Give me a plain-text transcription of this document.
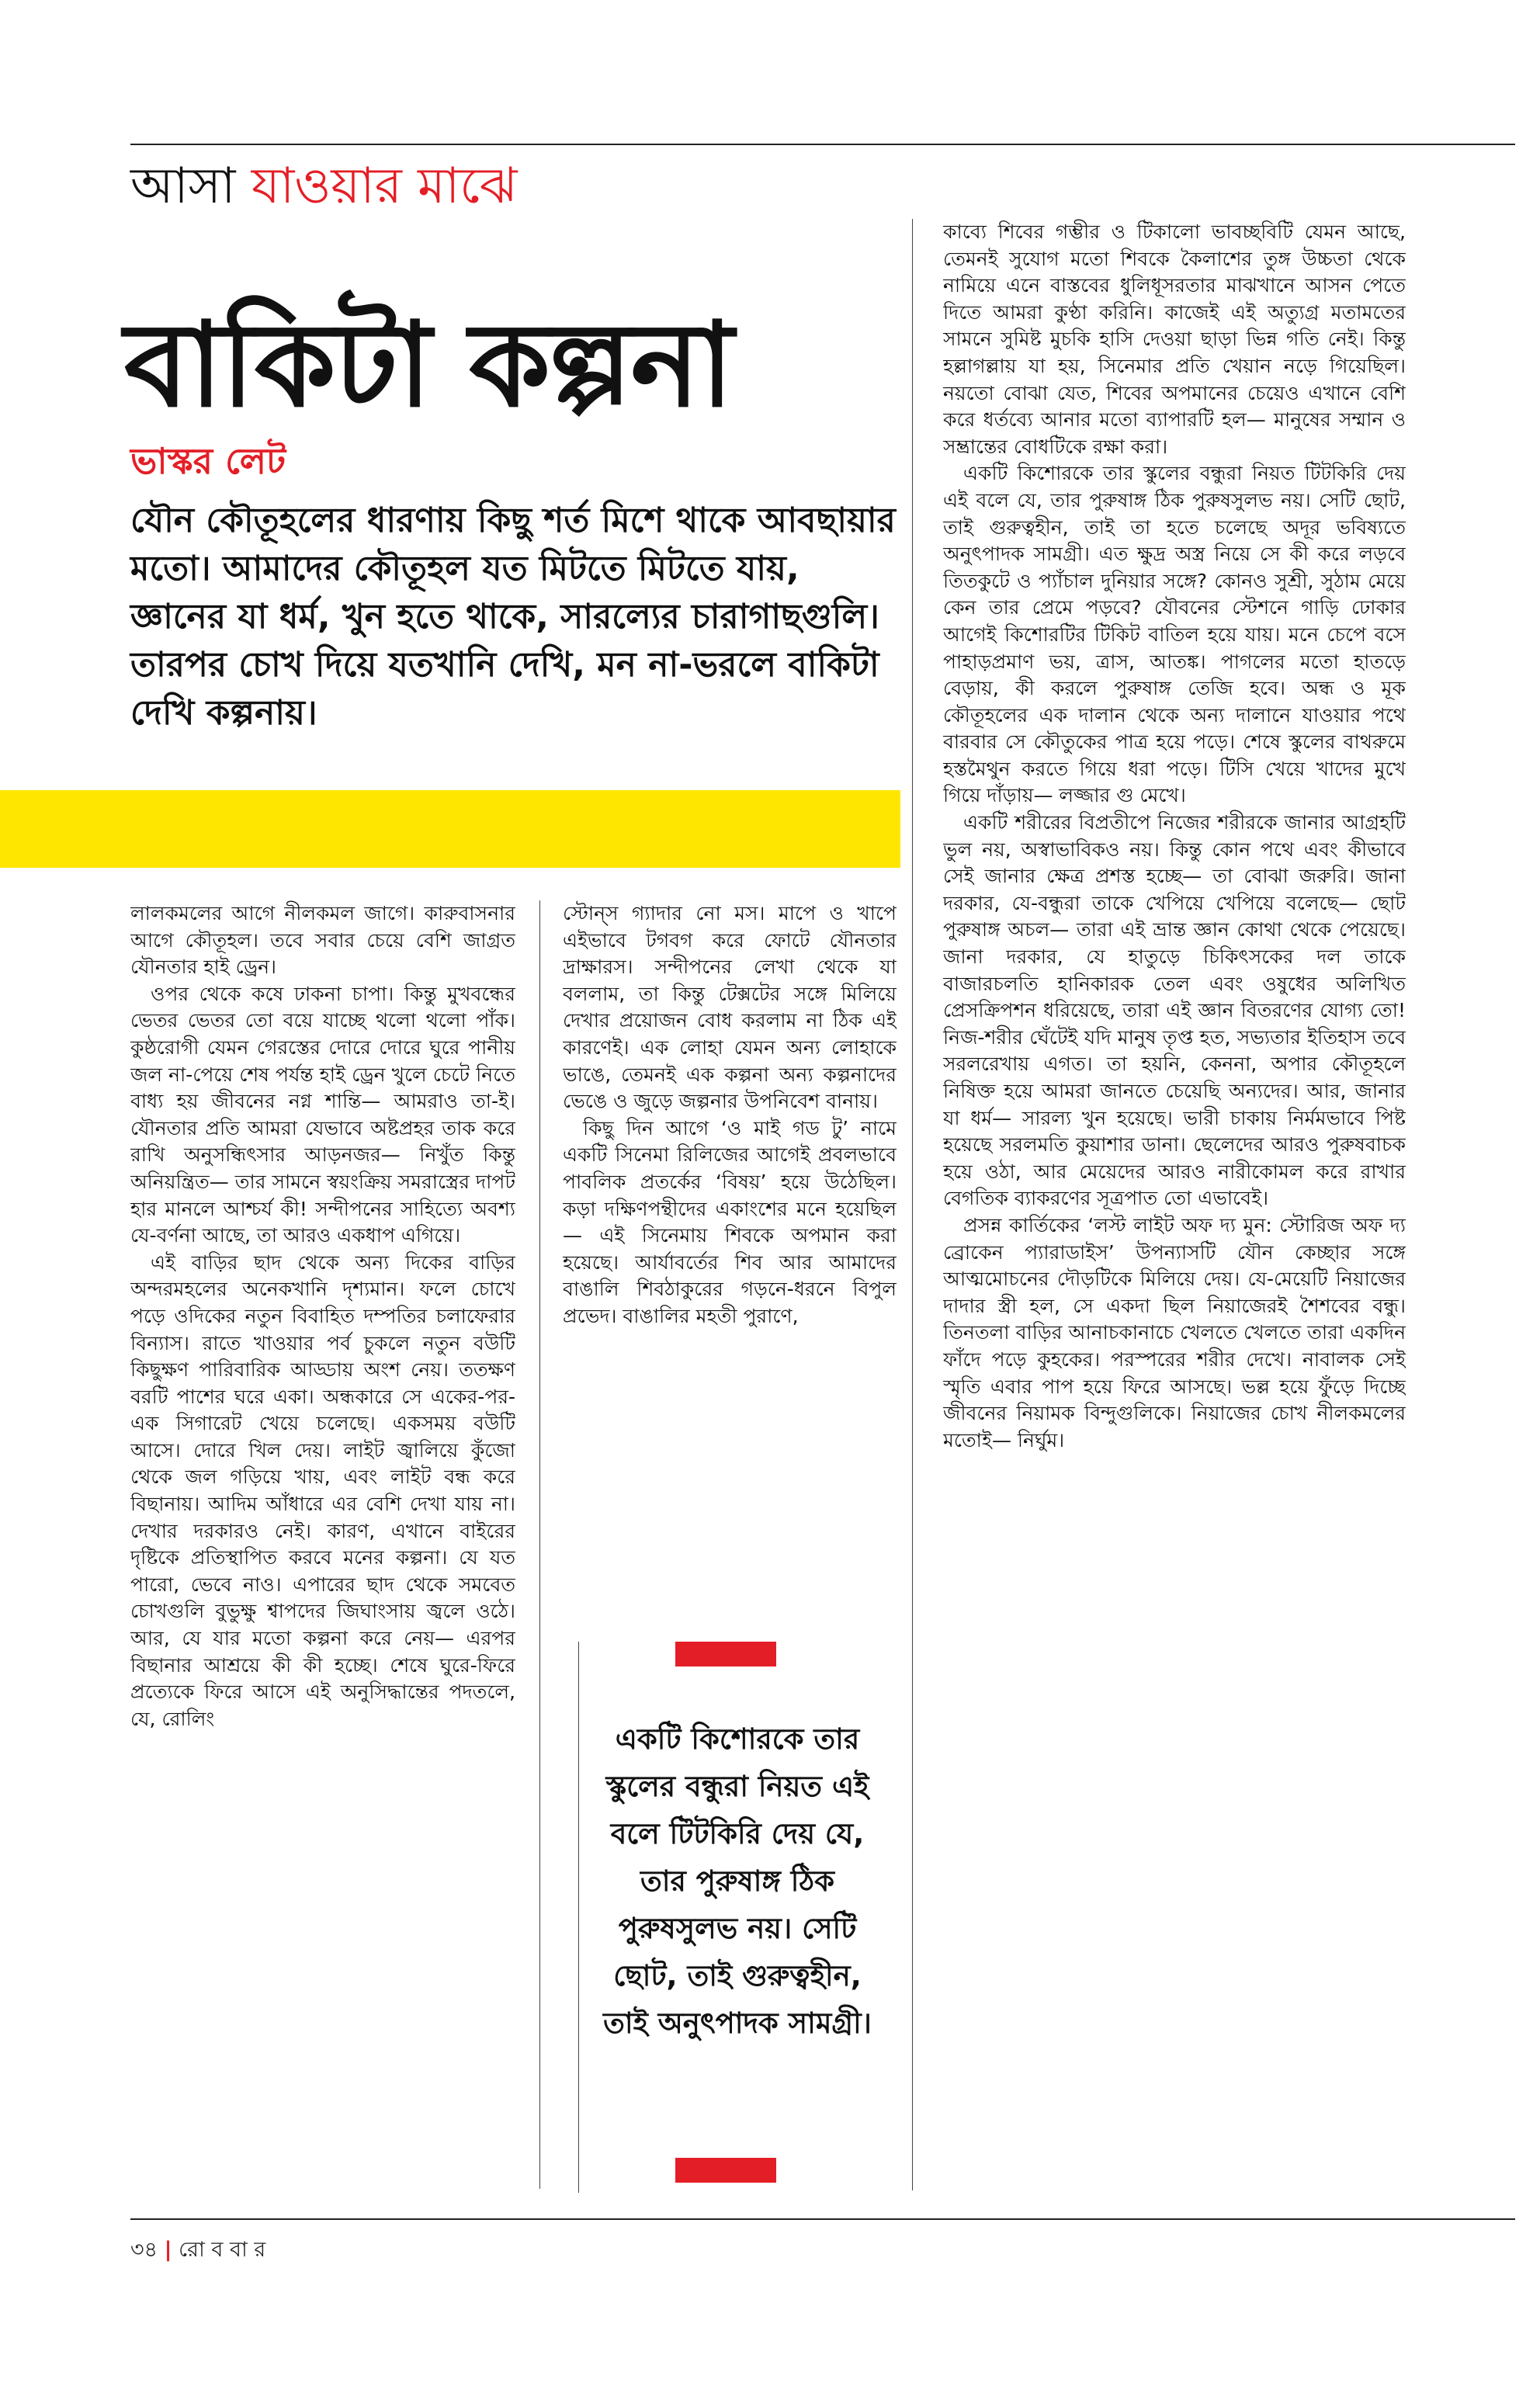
আসা যাওয়ার মাঝে
বাকিটা কল্পনা
ভাস্কর লেট
যৌন কৌতূহলের ধারণায় কিছু শর্ত মিশে থাকে আবছায়ার মতো। আমাদের কৌতূহল যত মিটতে মিটতে যায়, জ্ঞানের যা ধর্ম, খুন হতে থাকে, সারল্যের চারাগাছগুলি। তারপর চোখ দিয়ে যতখানি দেখি, মন না-ভরলে বাকিটা দেখি কল্পনায়।

লালকমলের আগে নীলকমল জাগে। কারুবাসনার আগে কৌতূহল। তবে সবার চেয়ে বেশি জাগ্রত যৌনতার হাই ড্রেন।

ওপর থেকে কষে ঢাকনা চাপা। কিন্তু মুখবন্ধের ভেতর ভেতর তো বয়ে যাচ্ছে থলো থলো পাঁক। কুষ্ঠরোগী যেমন গেরস্তের দোরে দোরে ঘুরে পানীয় জল না-পেয়ে শেষ পর্যন্ত হাই ড্রেন খুলে চেটে নিতে বাধ্য হয় জীবনের নগ্ন শান্তি— আমরাও তা-ই। যৌনতার প্রতি আমরা যেভাবে অষ্টপ্রহর তাক করে রাখি অনুসন্ধিৎসার আড়নজর— নিখুঁত কিন্তু অনিয়ন্ত্রিত— তার সামনে স্বয়ংক্রিয় সমরাস্ত্রের দাপট হার মানলে আশ্চর্য কী! সন্দীপনের সাহিত্যে অবশ্য যে-বর্ণনা আছে, তা আরও একধাপ এগিয়ে।

এই বাড়ির ছাদ থেকে অন্য দিকের বাড়ির অন্দরমহলের অনেকখানি দৃশ্যমান। ফলে চোখে পড়ে ওদিকের নতুন বিবাহিত দম্পতির চলাফেরার বিন্যাস। রাতে খাওয়ার পর্ব চুকলে নতুন বউটি কিছুক্ষণ পারিবারিক আড্ডায় অংশ নেয়। ততক্ষণ বরটি পাশের ঘরে একা। অন্ধকারে সে একের-পর-এক সিগারেট খেয়ে চলেছে। একসময় বউটি আসে। দোরে খিল দেয়। লাইট জ্বালিয়ে কুঁজো থেকে জল গড়িয়ে খায়, এবং লাইট বন্ধ করে বিছানায়। আদিম আঁধারে এর বেশি দেখা যায় না। দেখার দরকারও নেই। কারণ, এখানে বাইরের দৃষ্টিকে প্রতিস্থাপিত করবে মনের কল্পনা। যে যত পারো, ভেবে নাও। এপারের ছাদ থেকে সমবেত চোখগুলি বুভুক্ষু শ্বাপদের জিঘাংসায় জ্বলে ওঠে। আর, যে যার মতো কল্পনা করে নেয়— এরপর বিছানার আশ্রয়ে কী কী হচ্ছে। শেষে ঘুরে-ফিরে প্রত্যেকে ফিরে আসে এই অনুসিদ্ধান্তের পদতলে, যে, রোলিং

স্টোন্‌স গ্যাদার নো মস। মাপে ও খাপে এইভাবে টগবগ করে ফোটে যৌনতার দ্রাক্ষারস। সন্দীপনের লেখা থেকে যা বললাম, তা কিন্তু টেক্সটের সঙ্গে মিলিয়ে দেখার প্রয়োজন বোধ করলাম না ঠিক এই কারণেই। এক লোহা যেমন অন্য লোহাকে ভাঙে, তেমনই এক কল্পনা অন্য কল্পনাদের ভেঙে ও জুড়ে জল্পনার উপনিবেশ বানায়।

কিছু দিন আগে ‘ও মাই গড টু’ নামে একটি সিনেমা রিলিজের আগেই প্রবলভাবে পাবলিক প্রতর্কের ‘বিষয়’ হয়ে উঠেছিল। কড়া দক্ষিণপন্থীদের একাংশের মনে হয়েছিল— এই সিনেমায় শিবকে অপমান করা হয়েছে। আর্যাবর্তের শিব আর আমাদের বাঙালি শিবঠাকুরের গড়নে-ধরনে বিপুল প্রভেদ। বাঙালির মহতী পুরাণে,

একটি কিশোরকে তার স্কুলের বন্ধুরা নিয়ত এই বলে টিটকিরি দেয় যে, তার পুরুষাঙ্গ ঠিক পুরুষসুলভ নয়। সেটি ছোট, তাই গুরুত্বহীন, তাই অনুৎপাদক সামগ্রী।

কাব্যে শিবের গম্ভীর ও টিকালো ভাবচ্ছবিটি যেমন আছে, তেমনই সুযোগ মতো শিবকে কৈলাশের তুঙ্গ উচ্চতা থেকে নামিয়ে এনে বাস্তবের ধুলিধূসরতার মাঝখানে আসন পেতে দিতে আমরা কুণ্ঠা করিনি। কাজেই এই অত্যুগ্র মতামতের সামনে সুমিষ্ট মুচকি হাসি দেওয়া ছাড়া ভিন্ন গতি নেই। কিন্তু হল্লাগল্লায় যা হয়, সিনেমার প্রতি খেয়ান নড়ে গিয়েছিল। নয়তো বোঝা যেত, শিবের অপমানের চেয়েও এখানে বেশি করে ধর্তব্যে আনার মতো ব্যাপারটি হল— মানুষের সম্মান ও সম্ভ্রান্তের বোধটিকে রক্ষা করা।

একটি কিশোরকে তার স্কুলের বন্ধুরা নিয়ত টিটকিরি দেয় এই বলে যে, তার পুরুষাঙ্গ ঠিক পুরুষসুলভ নয়। সেটি ছোট, তাই গুরুত্বহীন, তাই তা হতে চলেছে অদূর ভবিষ্যতে অনুৎপাদক সামগ্রী। এত ক্ষুদ্র অস্ত্র নিয়ে সে কী করে লড়বে তিতকুটে ও প্যাঁচাল দুনিয়ার সঙ্গে? কোনও সুশ্রী, সুঠাম মেয়ে কেন তার প্রেমে পড়বে? যৌবনের স্টেশনে গাড়ি ঢোকার আগেই কিশোরটির টিকিট বাতিল হয়ে যায়। মনে চেপে বসে পাহাড়প্রমাণ ভয়, ত্রাস, আতঙ্ক। পাগলের মতো হাতড়ে বেড়ায়, কী করলে পুরুষাঙ্গ তেজি হবে। অন্ধ ও মূক কৌতূহলের এক দালান থেকে অন্য দালানে যাওয়ার পথে বারবার সে কৌতুকের পাত্র হয়ে পড়ে। শেষে স্কুলের বাথরুমে হস্তমৈথুন করতে গিয়ে ধরা পড়ে। টিসি খেয়ে খাদের মুখে গিয়ে দাঁড়ায়— লজ্জার গু মেখে।

একটি শরীরের বিপ্রতীপে নিজের শরীরকে জানার আগ্রহটি ভুল নয়, অস্বাভাবিকও নয়। কিন্তু কোন পথে এবং কীভাবে সেই জানার ক্ষেত্র প্রশস্ত হচ্ছে— তা বোঝা জরুরি। জানা দরকার, যে-বন্ধুরা তাকে খেপিয়ে খেপিয়ে বলেছে— ছোট পুরুষাঙ্গ অচল— তারা এই ভ্রান্ত জ্ঞান কোথা থেকে পেয়েছে। জানা দরকার, যে হাতুড়ে চিকিৎসকের দল তাকে বাজারচলতি হানিকারক তেল এবং ওষুধের অলিখিত প্রেসক্রিপশন ধরিয়েছে, তারা এই জ্ঞান বিতরণের যোগ্য তো! নিজ-শরীর ঘেঁটেই যদি মানুষ তৃপ্ত হত, সভ্যতার ইতিহাস তবে সরলরেখায় এগত। তা হয়নি, কেননা, অপার কৌতূহলে নিষিক্ত হয়ে আমরা জানতে চেয়েছি অন্যদের। আর, জানার যা ধর্ম— সারল্য খুন হয়েছে। ভারী চাকায় নির্মমভাবে পিষ্ট হয়েছে সরলমতি কুয়াশার ডানা। ছেলেদের আরও পুরুষবাচক হয়ে ওঠা, আর মেয়েদের আরও নারীকোমল করে রাখার বেগতিক ব্যাকরণের সূত্রপাত তো এভাবেই।

প্রসন্ন কার্তিকের ‘লস্ট লাইট অফ দ্য মুন: স্টোরিজ অফ দ্য ব্রোকেন প্যারাডাইস’ উপন্যাসটি যৌন কেচ্ছার সঙ্গে আত্মমোচনের দৌড়টিকে মিলিয়ে দেয়। যে-মেয়েটি নিয়াজের দাদার স্ত্রী হল, সে একদা ছিল নিয়াজেরই শৈশবের বন্ধু। তিনতলা বাড়ির আনাচকানাচে খেলতে খেলতে তারা একদিন ফাঁদে পড়ে কুহকের। পরস্পরের শরীর দেখে। নাবালক সেই স্মৃতি এবার পাপ হয়ে ফিরে আসছে। ভল্ল হয়ে ফুঁড়ে দিচ্ছে জীবনের নিয়ামক বিন্দুগুলিকে। নিয়াজের চোখ নীলকমলের মতোই— নির্ঘুম।

৩৪ | রো ব বা র
